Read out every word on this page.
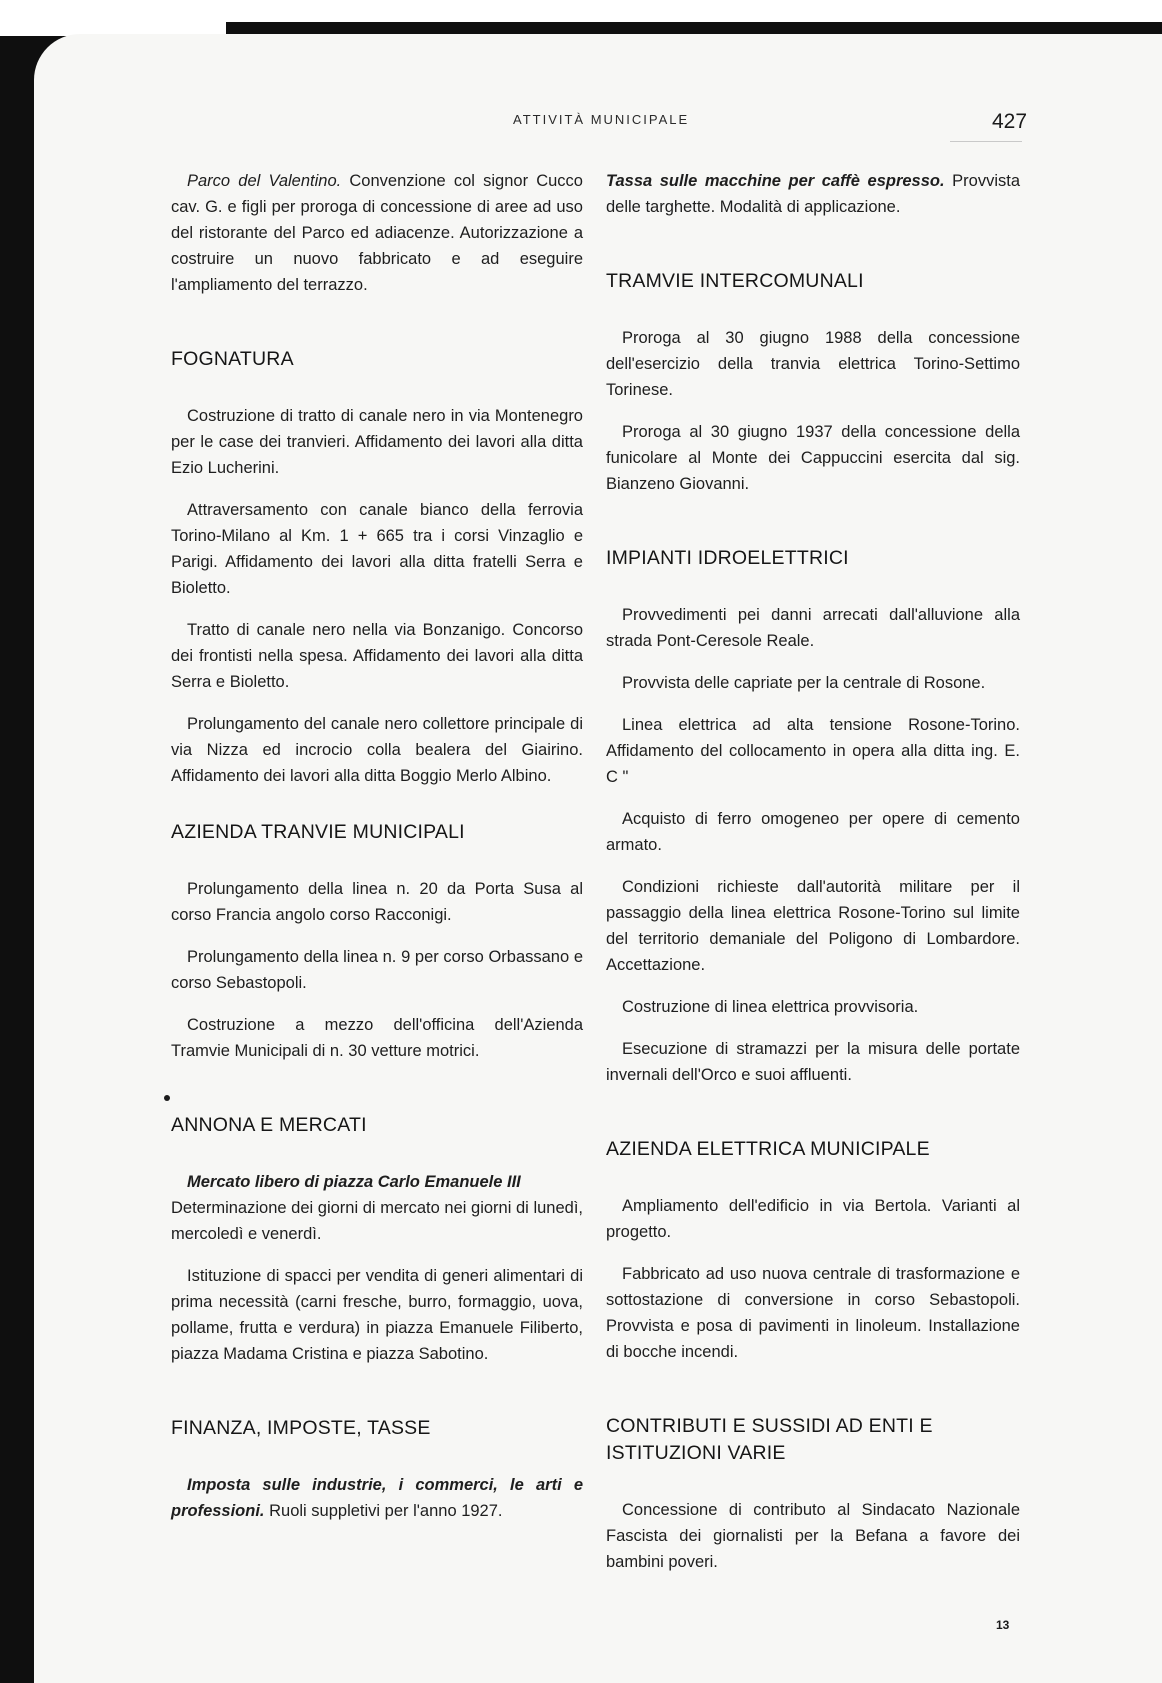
ATTIVITÀ MUNICIPALE	427

Parco del Valentino. Convenzione col signor Cucco cav. G. e figli per proroga di concessione di aree ad uso del ristorante del Parco ed adiacenze. Autorizzazione a costruire un nuovo fabbricato e ad eseguire l'ampliamento del terrazzo.

FOGNATURA

Costruzione di tratto di canale nero in via Montenegro per le case dei tranvieri. Affidamento dei lavori alla ditta Ezio Lucherini.

Attraversamento con canale bianco della ferrovia Torino-Milano al Km. 1 + 665 tra i corsi Vinzaglio e Parigi. Affidamento dei lavori alla ditta fratelli Serra e Bioletto.

Tratto di canale nero nella via Bonzanigo. Concorso dei frontisti nella spesa. Affidamento dei lavori alla ditta Serra e Bioletto.

Prolungamento del canale nero collettore principale di via Nizza ed incrocio colla bealera del Giairino. Affidamento dei lavori alla ditta Boggio Merlo Albino.

AZIENDA TRANVIE MUNICIPALI

Prolungamento della linea n. 20 da Porta Susa al corso Francia angolo corso Racconigi.

Prolungamento della linea n. 9 per corso Orbassano e corso Sebastopoli.

Costruzione a mezzo dell'officina dell'Azienda Tramvie Municipali di n. 30 vetture motrici.

ANNONA E MERCATI

Mercato libero di piazza Carlo Emanuele III

Determinazione dei giorni di mercato nei giorni di lunedì, mercoledì e venerdì.

Istituzione di spacci per vendita di generi alimentari di prima necessità (carni fresche, burro, formaggio, uova, pollame, frutta e verdura) in piazza Emanuele Filiberto, piazza Madama Cristina e piazza Sabotino.

FINANZA, IMPOSTE, TASSE

Imposta sulle industrie, i commerci, le arti e professioni. Ruoli suppletivi per l'anno 1927.

Tassa sulle macchine per caffè espresso. Provvista delle targhette. Modalità di applicazione.

TRAMVIE INTERCOMUNALI

Proroga al 30 giugno 1988 della concessione dell'esercizio della tranvia elettrica Torino-Settimo Torinese.

Proroga al 30 giugno 1937 della concessione della funicolare al Monte dei Cappuccini esercita dal sig. Bianzeno Giovanni.

IMPIANTI IDROELETTRICI

Provvedimenti pei danni arrecati dall'alluvione alla strada Pont-Ceresole Reale.

Provvista delle capriate per la centrale di Rosone.

Linea elettrica ad alta tensione Rosone-Torino. Affidamento del collocamento in opera alla ditta ing. E. C "

Acquisto di ferro omogeneo per opere di cemento armato.

Condizioni richieste dall'autorità militare per il passaggio della linea elettrica Rosone-Torino sul limite del territorio demaniale del Poligono di Lombardore. Accettazione.

Costruzione di linea elettrica provvisoria.

Esecuzione di stramazzi per la misura delle portate invernali dell'Orco e suoi affluenti.

AZIENDA ELETTRICA MUNICIPALE

Ampliamento dell'edificio in via Bertola. Varianti al progetto.

Fabbricato ad uso nuova centrale di trasformazione e sottostazione di conversione in corso Sebastopoli. Provvista e posa di pavimenti in linoleum. Installazione di bocche incendi.

CONTRIBUTI E SUSSIDI AD ENTI E ISTITUZIONI VARIE

Concessione di contributo al Sindacato Nazionale Fascista dei giornalisti per la Befana a favore dei bambini poveri.

13
